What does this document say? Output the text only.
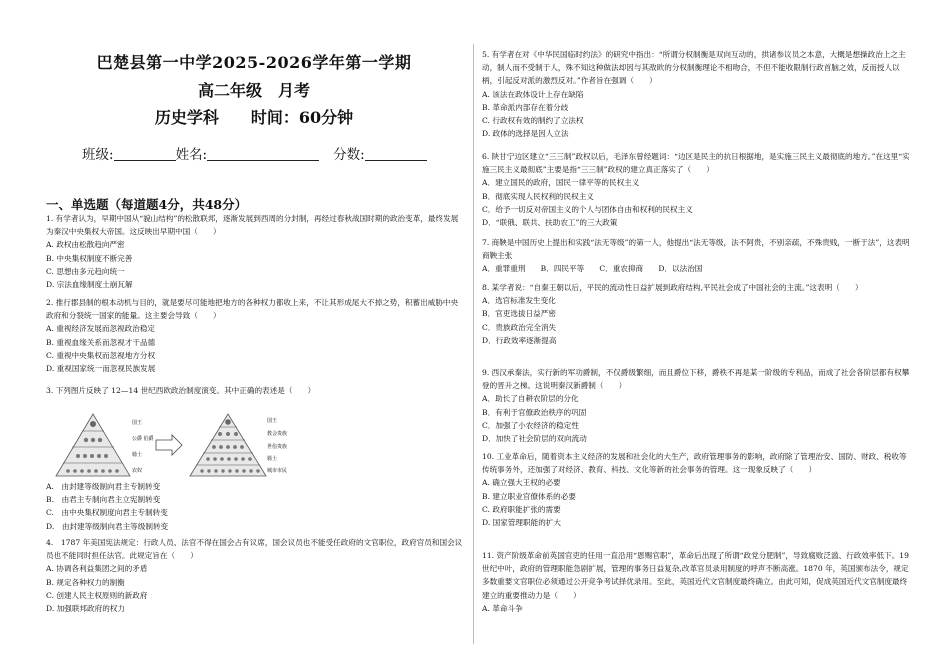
巴楚县第一中学2025-2026学年第一学期
高二年级　月考
历史学科　　时间：60分钟
班级:	姓名:	分数:
一、单选题（每道题4分，共48分）
1. 有学者认为，早期中国从“貌山结构”的松散联邦，逐渐发展到西周的分封制，再经过春秋战国时期的政治变革，最终发展为秦汉中央集权大帝国。这反映出早期中国（　　）
A. 政权由松散趋向严密
B. 中央集权制度不断完善
C. 思想由多元趋向统一
D. 宗法血缘制度土崩瓦解
2. 推行郡县制的根本动机与目的，就是要尽可能地把地方的各种权力都收上来，不让其形成尾大不掉之势，积蓄出威胁中央政府和分裂统一国家的能量。这主要会导致（　　）
A. 重视经济发展而忽视政治稳定
B. 重视血缘关系而忽视才干品德
C. 重视中央集权而忽视地方分权
D. 重视国家统一而忽视民族发展
3. 下列图片反映了 12—14 世纪西欧政治制度演变。其中正确的表述是（　　）
国王
公爵 伯爵
骑士
农奴
国王
教会贵族
世俗贵族
骑士
城市市民
A.　由封建等级制向君主专制转变
B.　由君主专制向君主立宪制转变
C.　由中央集权制度向君主专制转变
D.　由封建等级制向君主等级制转变
4.　1787 年美国宪法规定：行政人员、法官不得在国会占有议席，国会议员也不能受任政府的文官职位，政府官员和国会议员也不能同时担任法官。此规定旨在（　　）
A. 协调各利益集团之间的矛盾
B. 规定各种权力的制衡
C. 创建人民主权原则的新政府
D. 加强联邦政府的权力
5. 有学者在对《中华民国临时约法》的研究中指出：“所谓分权制衡是双向互动的，拱诸参议员之本意，大概是想操政治上之主动，制人而不受制于人，殊不知这种做法却因与其敌欧的分权制衡理论不相吻合，不但不能收限制行政首脑之效，反而授人以柄，引起反对派的激烈反对。”作者旨在强调（　　）
A. 该法在政体设计上存在缺陷
B. 革命派内部存在着分歧
C. 行政权有效的制约了立法权
D. 政体的选择是因人立法
6. 陕甘宁边区建立“三三制”政权以后，毛泽东曾经题词：“边区是民主的抗日根据地，是实施三民主义最彻底的地方。”在这里“实施三民主义最彻底”主要是指“三三制”政权的建立真正落实了（　　）
A．建立国民的政府，国民一律平等的民权主义
B．彻底实现人民权利的民权主义
C．给予一切反对帝国主义的个人与团体自由和权利的民权主义
D．“联俄、联共、扶助农工”的三大政策
7. 商鞅是中国历史上提出和实践“法无等级”的第一人，他提出“法无等级，法不阿贵，不别亲疏，不殊贵贱，一断于法”，这表明商鞅主张
A．重罪重刑　　B．四民平等　　C．重农抑商　　D．以法治国
8. 某学者说：“自秦王朝以后，平民的流动性日益扩展到政府结构,平民社会成了中国社会的主流。”这表明（　　）
A．选官标准发生变化
B．官吏选拔日益严密
C．贵族政治完全消失
D．行政效率逐渐提高
9. 西汉承秦法，实行新的军功爵制，不仅爵级繁细，而且爵位下移，爵秩不再是某一阶级的专利品，而成了社会各阶层都有权攀登的晋升之梯。这说明秦汉新爵制（　　）
A．助长了自耕农阶层的分化
B．有利于官僚政治秩序的巩固
C．加强了小农经济的稳定性
D．加快了社会阶层的双向流动
10. 工业革命后，随着资本主义经济的发展和社会化的大生产，政府管理事务的影响，政府除了管理治安、国防、财政、税收等传统事务外，还加强了对经济、教育、科技、文化等新的社会事务的管理。这一现象反映了（　　）
A. 确立强大王权的必要
B. 建立职业官僚体系的必要
C. 政府职能扩张的需要
D. 国家管理职能的扩大
11. 资产阶级革命前英国官吏的任用一直沿用“恩赐官职”，革命后出现了所谓“政党分肥制”，导致腐败泛滥、行政效率低下。19 世纪中叶，政府的管理职能急剧扩展，管理的事务日益复杂,改革官员录用制度的呼声不断高涨。1870 年，英国颁布法令，规定多数重要文官职位必须通过公开竞争考试择优录用。至此，英国近代文官制度最终确立。由此可知，促成英国近代文官制度最终建立的重要推动力是（　　）
A. 革命斗争
